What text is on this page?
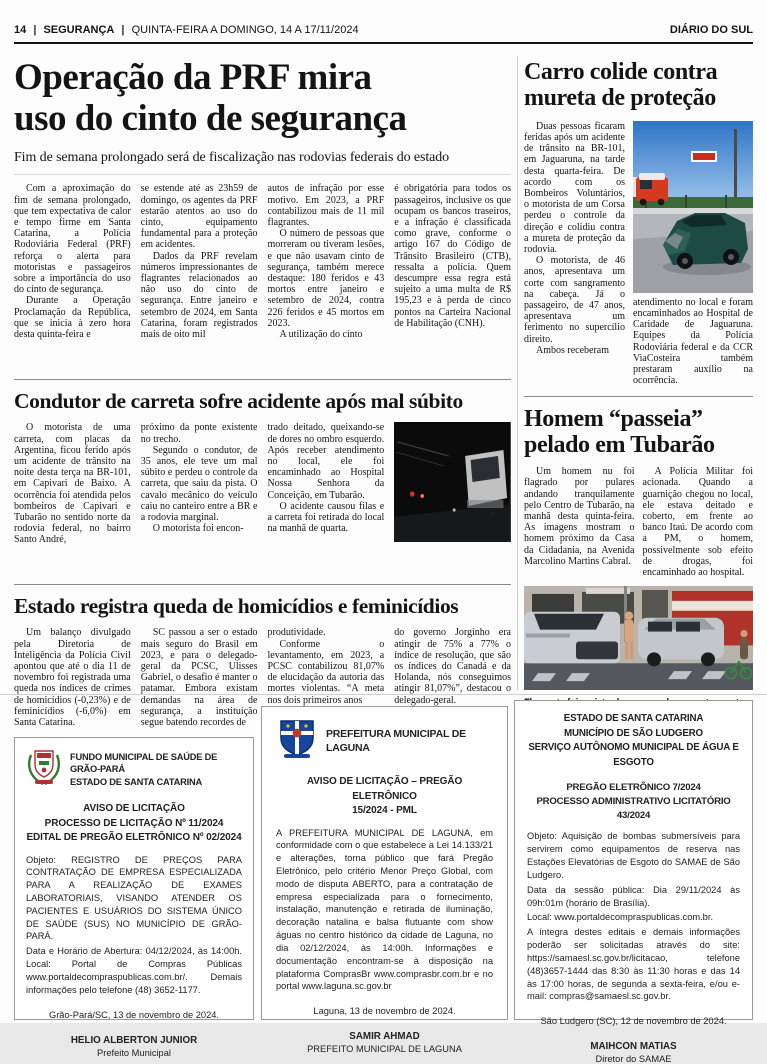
14 | SEGURANÇA | QUINTA-FEIRA A DOMINGO, 14 A 17/11/2024	DIÁRIO DO SUL
Operação da PRF mira
uso do cinto de segurança
Fim de semana prolongado será de fiscalização nas rodovias federais do estado

Com a aproximação do fim de semana prolongado, que tem expectativa de calor e tempo firme em Santa Catarina, a Polícia Rodoviária Federal (PRF) reforça o alerta para motoristas e passageiros sobre a importância do uso do cinto de segurança.

Durante a Operação Proclamação da República, que se inicia à zero hora desta quinta-feira e

se estende até as 23h59 de domingo, os agentes da PRF estarão atentos ao uso do cinto, equipamento fundamental para a proteção em acidentes.

Dados da PRF revelam números impressionantes de flagrantes relacionados ao não uso do cinto de segurança. Entre janeiro e setembro de 2024, em Santa Catarina, foram registrados mais de oito mil

autos de infração por esse motivo. Em 2023, a PRF contabilizou mais de 11 mil flagrantes.

O número de pessoas que morreram ou tiveram lesões, e que não usavam cinto de segurança, também merece destaque: 180 feridos e 43 mortos entre janeiro e setembro de 2024, contra 226 feridos e 45 mortos em 2023.

A utilização do cinto

é obrigatória para todos os passageiros, inclusive os que ocupam os bancos traseiros, e a infração é classificada como grave, conforme o artigo 167 do Código de Trânsito Brasileiro (CTB), ressalta a polícia. Quem descumpre essa regra está sujeito a uma multa de R$ 195,23 e à perda de cinco pontos na Carteira Nacional de Habilitação (CNH).

Condutor de carreta sofre acidente após mal súbito

O motorista de uma carreta, com placas da Argentina, ficou ferido após um acidente de trânsito na noite desta terça na BR-101, em Capivari de Baixo. A ocorrência foi atendida pelos bombeiros de Capivari e Tubarão no sentido norte da rodovia federal, no bairro Santo André,

próximo da ponte existente no trecho.

Segundo o condutor, de 35 anos, ele teve um mal súbito e perdeu o controle da carreta, que saiu da pista. O cavalo mecânico do veículo caiu no canteiro entre a BR e a rodovia marginal.

O motorista foi encon-

trado deitado, queixando-se de dores no ombro esquerdo. Após receber atendimento no local, ele foi encaminhado ao Hospital Nossa Senhora da Conceição, em Tubarão.

O acidente causou filas e a carreta foi retirada do local na manhã de quarta.

Estado registra queda de homicídios e feminicídios

Um balanço divulgado pela Diretoria de Inteligência da Polícia Civil apontou que até o dia 11 de novembro foi registrada uma queda nos índices de crimes de homicídios (-0,23%) e de feminicídios (-6,0%) em Santa Catarina.

SC passou a ser o estado mais seguro do Brasil em 2023, e para o delegado-geral da PCSC, Ulisses Gabriel, o desafio é manter o patamar. Embora existam demandas na área de segurança, a instituição segue batendo recordes de

produtividade.

Conforme o levantamento, em 2023, a PCSC contabilizou 81,07% de elucidação da autoria das mortes violentas. “A meta nos dois primeiros anos

do governo Jorginho era atingir de 75% a 77% o índice de resolução, que são os índices do Canadá e da Holanda, nós conseguimos atingir 81,07%”, destacou o delegado-geral.

Carro colide contra
mureta de proteção

Duas pessoas ficaram feridas após um acidente de trânsito na BR-101, em Jaguaruna, na tarde desta quarta-feira. De acordo com os Bombeiros Voluntários, o motorista de um Corsa perdeu o controle da direção e colidiu contra a mureta de proteção da rodovia.

O motorista, de 46 anos, apresentava um corte com sangramento na cabeça. Já o passageiro, de 47 anos, apresentava um ferimento no supercílio direito.

Ambos receberam

atendimento no local e foram encaminhados ao Hospital de Caridade de Jaguaruna. Equipes da Polícia Rodoviária federal e da CCR ViaCosteira também prestaram auxílio na ocorrência.

Homem “passeia”
pelado em Tubarão

Um homem nu foi flagrado por pulares andando tranquilamente pelo Centro de Tubarão, na manhã desta quinta-feira. As imagens mostram o homem próximo da Casa da Cidadania, na Avenida Marcolino Martins Cabral.

A Polícia Militar foi acionada. Quando a guarnição chegou no local, ele estava deitado e coberto, em frente ao banco Itaú. De acordo com a PM, o homem, possivelmente sob efeito de drogas, foi encaminhado ao hospital.

FUNDO MUNICIPAL DE SAÚDE DE GRÃO-PARÁ
ESTADO DE SANTA CATARINA
AVISO DE LICITAÇÃO
PROCESSO DE LICITAÇÃO Nº 11/2024
EDITAL DE PREGÃO ELETRÔNICO Nº 02/2024

Objeto: REGISTRO DE PREÇOS PARA CONTRATAÇÃO DE EMPRESA ESPECIALIZADA PARA A REALIZAÇÃO DE EXAMES LABORATORIAIS, VISANDO ATENDER OS PACIENTES E USUÁRIOS DO SISTEMA ÚNICO DE SAÚDE (SUS) NO MUNICÍPIO DE GRÃO-PARÁ.

Data e Horário de Abertura: 04/12/2024, às 14:00h. Local: Portal de Compras Públicas www.portaldecompraspublicas.com.br/. Demais informações pelo telefone (48) 3652-1177.

Grão-Pará/SC, 13 de novembro de 2024.
HELIO ALBERTON JUNIOR
Prefeito Municipal
PREFEITURA MUNICIPAL DE LAGUNA
AVISO DE LICITAÇÃO – PREGÃO ELETRÔNICO
15/2024 - PML

A PREFEITURA MUNICIPAL DE LAGUNA, em conformidade com o que estabelece a Lei 14.133/21 e alterações, torna público que fará Pregão Eletrônico, pelo critério Menor Preço Global, com modo de disputa ABERTO, para a contratação de empresa especializada para o fornecimento, instalação, manutenção e retirada de iluminação, decoração natalina e balsa flutuante com show águas no centro histórico da cidade de Laguna, no dia 02/12/2024, às 14:00h. Informações e documentação encontram-se à disposição na plataforma ComprasBr www.comprasbr.com.br e no portal www.laguna.sc.gov.br

Laguna, 13 de novembro de 2024.
SAMIR AHMAD
PREFEITO MUNICIPAL DE LAGUNA
ESTADO DE SANTA CATARINA
MUNICÍPIO DE SÃO LUDGERO
SERVIÇO AUTÔNOMO MUNICIPAL DE ÁGUA E ESGOTO
PREGÃO ELETRÔNICO 7/2024
PROCESSO ADMINISTRATIVO LICITATÓRIO 43/2024

Objeto: Aquisição de bombas submersíveis para servirem como equipamentos de reserva nas Estações Elevatórias de Esgoto do SAMAE de São Ludgero.

Data da sessão pública: Dia 29/11/2024 às 09h:01m (horário de Brasília).

Local: www.portaldecompraspublicas.com.br.

A íntegra destes editais e demais informações poderão ser solicitadas através do site: https://samaesl.sc.gov.br/licitacao, telefone (48)3657-1444 das 8:30 às 11:30 horas e das 14 às 17:00 horas, de segunda a sexta-feira, e/ou e-mail: compras@samaesl.sc.gov.br.

São Ludgero (SC), 12 de novembro de 2024.
MAIHCON MATIAS
Diretor do SAMAE
